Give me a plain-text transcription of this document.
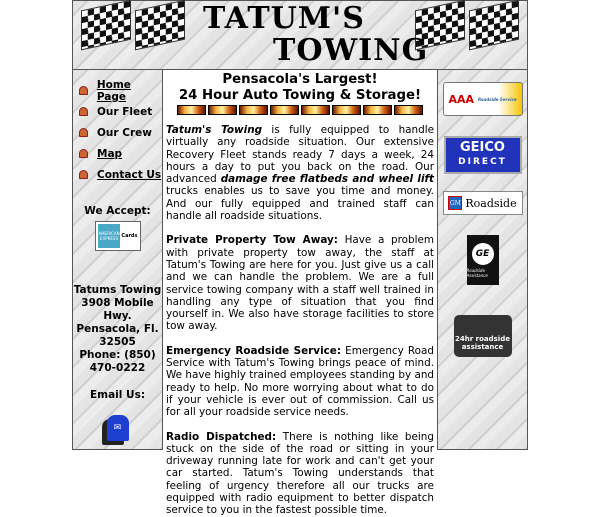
TATUM'S
TOWING
Home Page
Our Fleet
Our Crew
Map
Contact Us
We Accept:
AMERICAN EXPRESS Cards
Tatums Towing
3908 Mobile Hwy.
Pensacola, Fl. 32505
Phone: (850) 470-0222
Email Us:
✉
Pensacola's Largest!
24 Hour Auto Towing & Storage!

Tatum's Towing is fully equipped to handle virtually any roadside situation. Our extensive Recovery Fleet stands ready 7 days a week, 24 hours a day to put you back on the road. Our advanced damage free flatbeds and wheel lift trucks enables us to save you time and money. And our fully equipped and trained staff can handle all roadside situations.

Private Property Tow Away: Have a problem with private property tow away, the staff at Tatum's Towing are here for you. Just give us a call and we can handle the problem. We are a full service towing company with a staff well trained in handling any type of situation that you find yourself in. We also have storage facilities to store tow away.

Emergency Roadside Service: Emergency Road Service with Tatum's Towing brings peace of mind. We have highly trained employees standing by and ready to help. No more worrying about what to do if your vehicle is ever out of commission. Call us for all your roadside service needs.

Radio Dispatched: There is nothing like being stuck on the side of the road or sitting in your driveway running late for work and can't get your car started. Tatum's Towing understands that feeling of urgency therefore all our trucks are equipped with radio equipment to better dispatch service to you in the fastest possible time.

AAA Roadside Service
GEICO
DIRECT
GM Roadside
GE
Roadside Assistance
24hr roadside assistance
